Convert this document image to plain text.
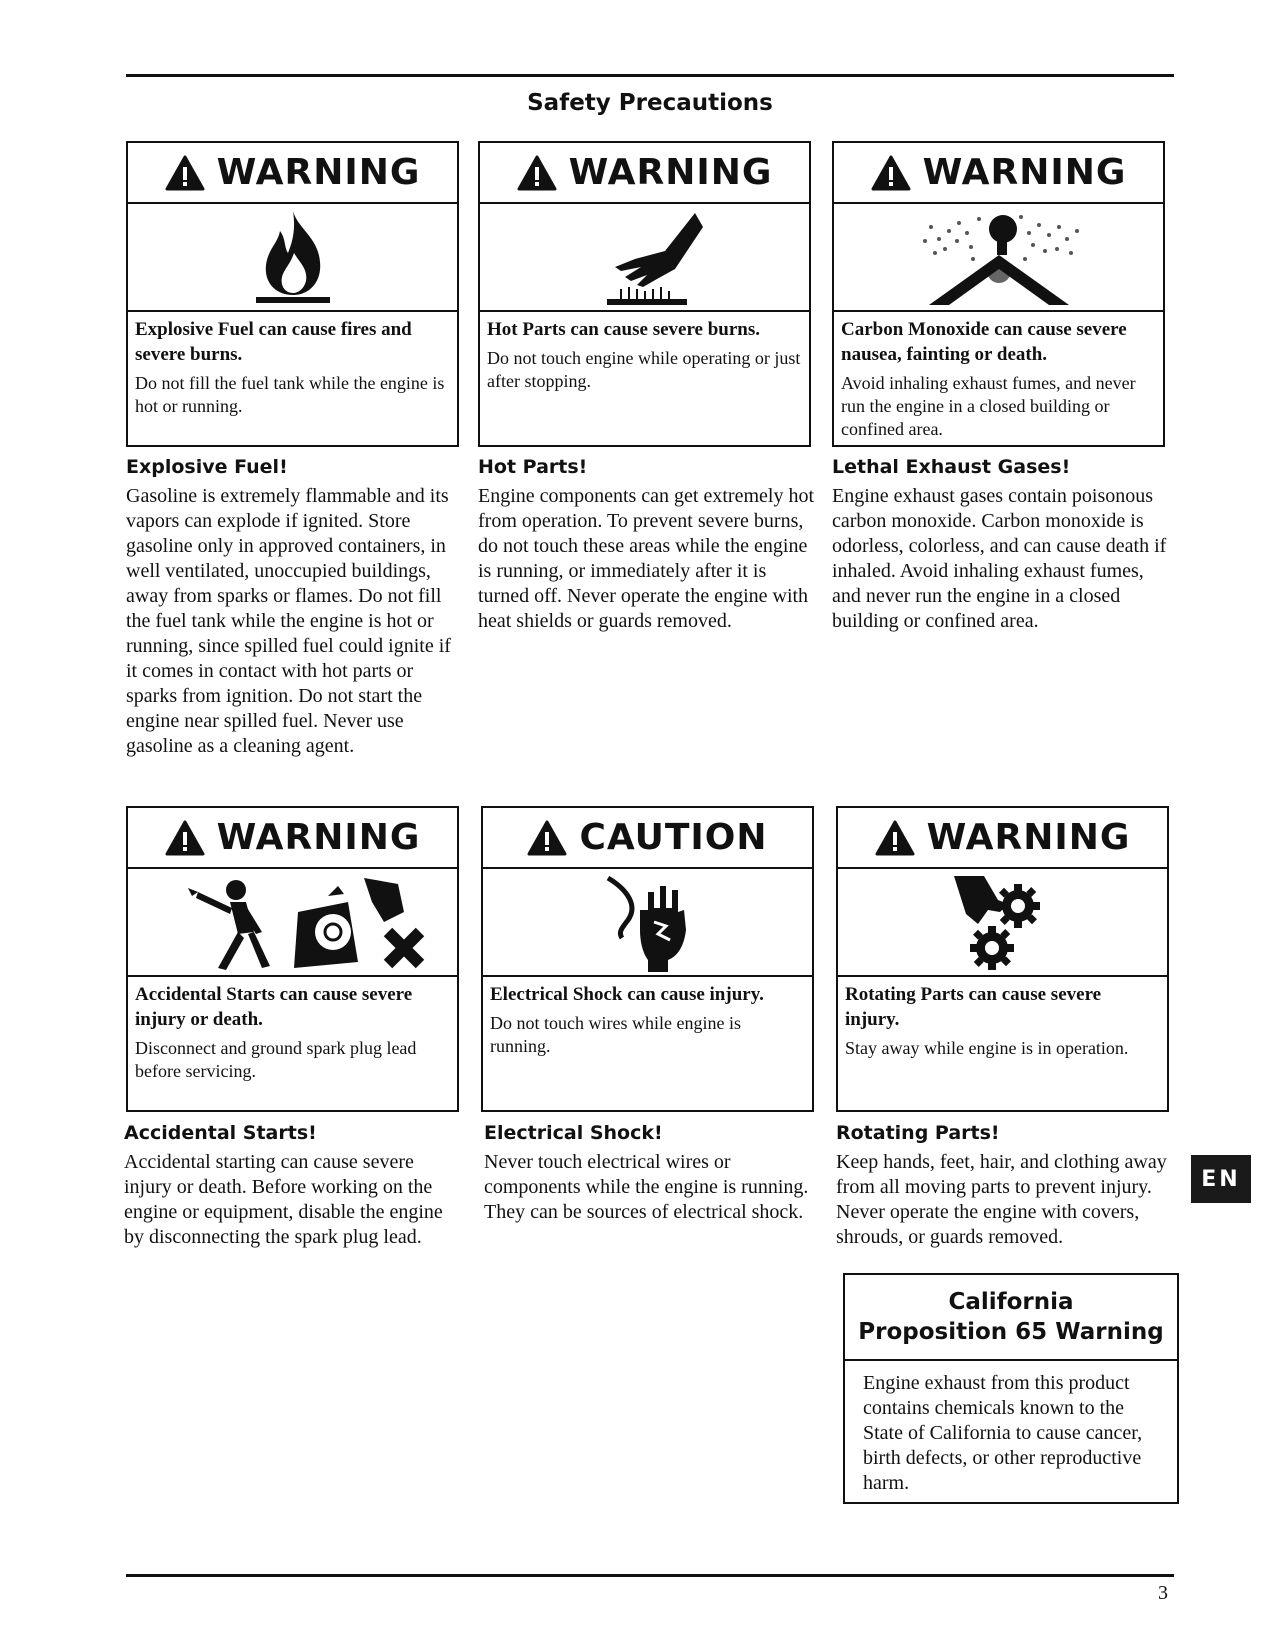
Safety Precautions
WARNING
Explosive Fuel can cause fires and severe burns.
Do not fill the fuel tank while the engine is hot or running.
WARNING
Hot Parts can cause severe burns.
Do not touch engine while operating or just after stopping.
WARNING
Carbon Monoxide can cause severe nausea, fainting or death.
Avoid inhaling exhaust fumes, and never run the engine in a closed building or confined area.
Explosive Fuel!
Gasoline is extremely flammable and its vapors can explode if ignited. Store gasoline only in approved containers, in well ventilated, unoccupied buildings, away from sparks or flames. Do not fill the fuel tank while the engine is hot or running, since spilled fuel could ignite if it comes in contact with hot parts or sparks from ignition. Do not start the engine near spilled fuel. Never use gasoline as a cleaning agent.
Hot Parts!
Engine components can get extremely hot from operation. To prevent severe burns, do not touch these areas while the engine is running, or immediately after it is turned off. Never operate the engine with heat shields or guards removed.
Lethal Exhaust Gases!
Engine exhaust gases contain poisonous carbon monoxide. Carbon monoxide is odorless, colorless, and can cause death if inhaled. Avoid inhaling exhaust fumes, and never run the engine in a closed building or confined area.
WARNING
Accidental Starts can cause severe injury or death.
Disconnect and ground spark plug lead before servicing.
CAUTION
Electrical Shock can cause injury.
Do not touch wires while engine is running.
WARNING
Rotating Parts can cause severe injury.
Stay away while engine is in operation.
Accidental Starts!
Accidental starting can cause severe injury or death. Before working on the engine or equipment, disable the engine by disconnecting the spark plug lead.
Electrical Shock!
Never touch electrical wires or components while the engine is running. They can be sources of electrical shock.
Rotating Parts!
Keep hands, feet, hair, and clothing away from all moving parts to prevent injury. Never operate the engine with covers, shrouds, or guards removed.
California
Proposition 65 Warning
Engine exhaust from this product contains chemicals known to the State of California to cause cancer, birth defects, or other reproductive harm.
EN
3
